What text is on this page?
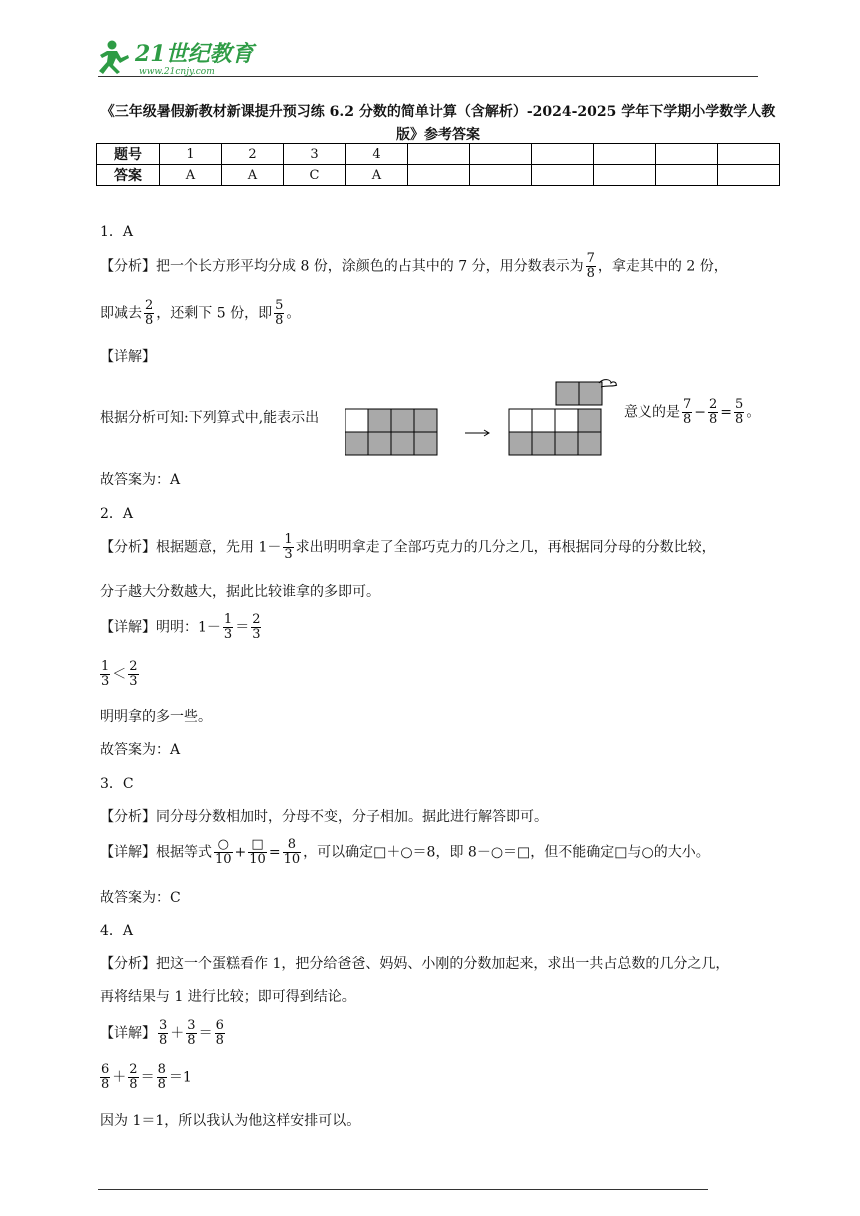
21世纪教育
www.21cnjy.com
《三年级暑假新教材新课提升预习练 6.2 分数的简单计算（含解析）-2024-2025 学年下学期小学数学人教版》参考答案
题号	1	2	3	4						
答案	A	A	C	A						
1．A
【分析】把一个长方形平均分成 8 份，涂颜色的占其中的 7 分，用分数表示为 $\frac{7}{8}$ ，拿走其中的 2 份，
即减去 $\frac{2}{8}$ ，还剩下 5 份，即 $\frac{5}{8}$ 。
【详解】
根据分析可知:下列算式中,能表示出	意义的是 $\frac{7}{8} - \frac{2}{8} = \frac{5}{8}$ 。
故答案为：A
2．A
【分析】根据题意，先用 $1- \frac{1}{3}$ 求出明明拿走了全部巧克力的几分之几，再根据同分母的分数比较，
分子越大分数越大，据此比较谁拿的多即可。
【详解】明明：$1- \frac{1}{3} = \frac{2}{3}$
$\frac{1}{3} < \frac{2}{3}$
明明拿的多一些。
故答案为：A
3．C
【分析】同分母分数相加时，分母不变，分子相加。据此进行解答即可。
【详解】根据等式 $\frac{○}{10} + \frac{□}{10} = \frac{8}{10}$ ，可以确定□＋○＝8，即 8－○＝□，但不能确定□与○的大小。
故答案为：C
4．A
【分析】把这一个蛋糕看作 1，把分给爸爸、妈妈、小刚的分数加起来，求出一共占总数的几分之几，
再将结果与 1 进行比较；即可得到结论。
【详解】 $\frac{3}{8} + \frac{3}{8} = \frac{6}{8}$
$\frac{6}{8} + \frac{2}{8} = \frac{8}{8} =1$
因为 1＝1，所以我认为他这样安排可以。
